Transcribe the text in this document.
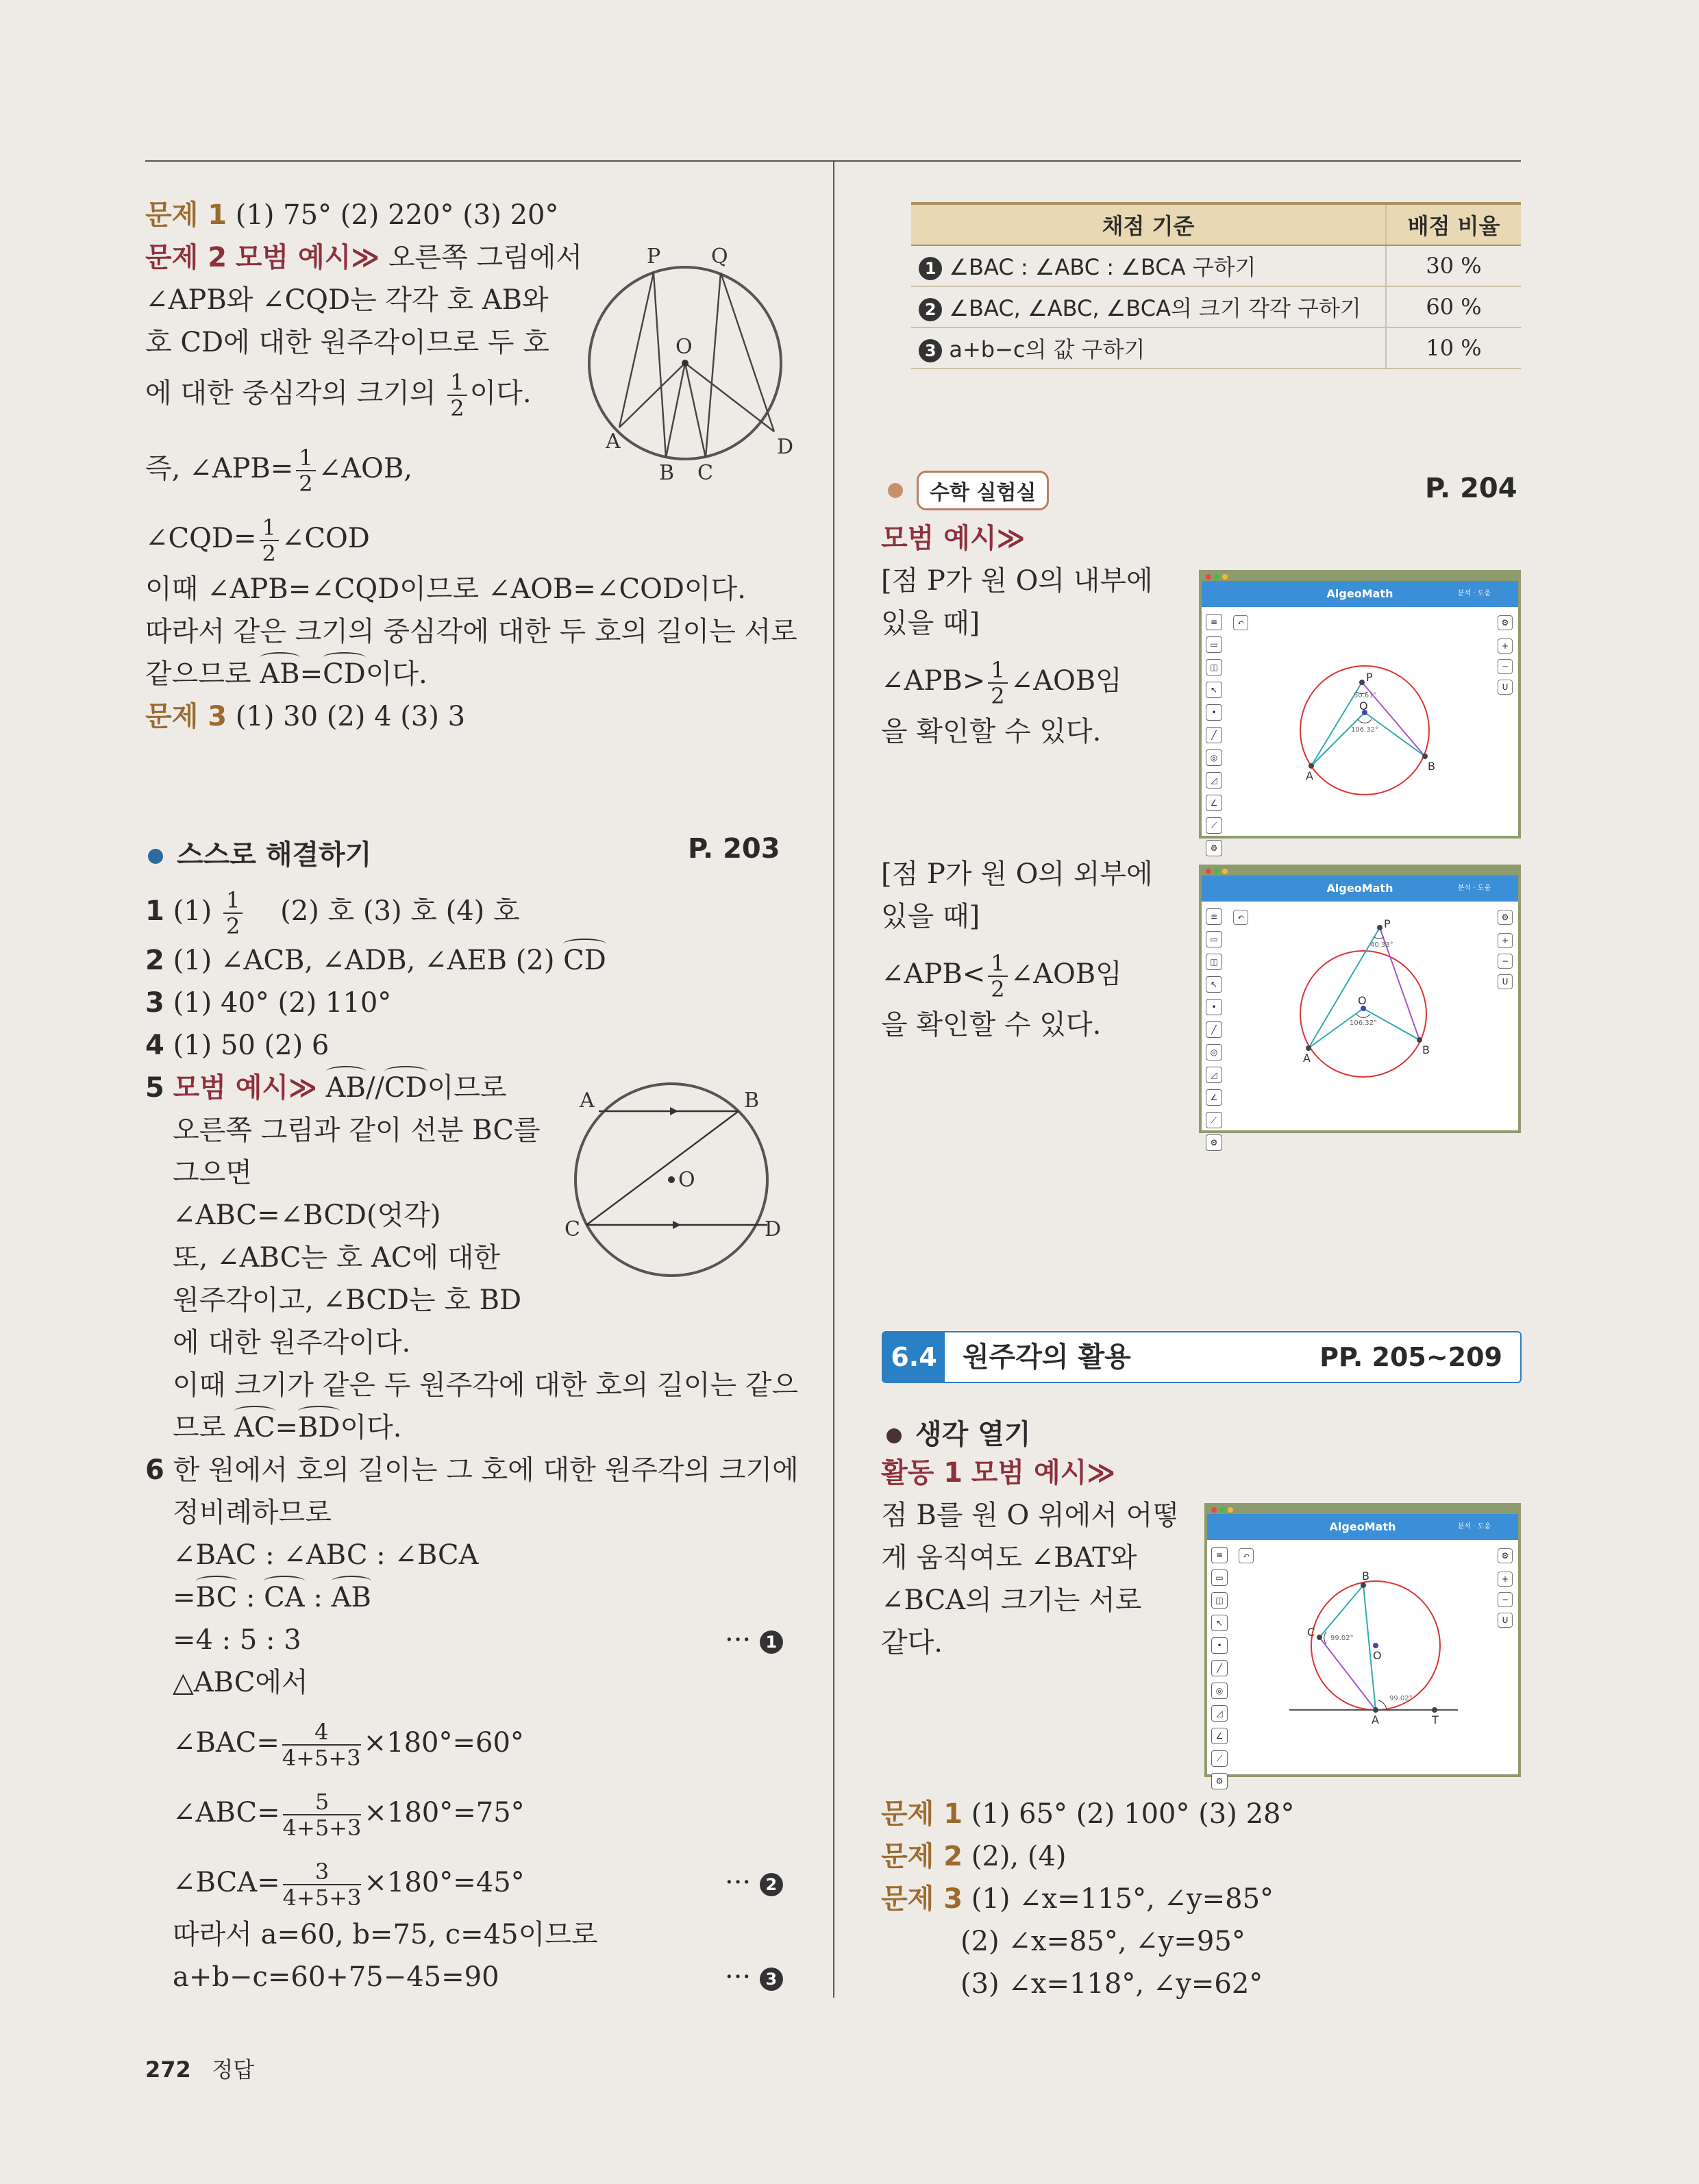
문제 1 (1) 75° (2) 220° (3) 20°
문제 2 모범 예시≫ 오른쪽 그림에서
∠APB와 ∠CQD는 각각 호 AB와
호 CD에 대한 원주각이므로 두 호
에 대한 중심각의 크기의 $\frac{1}{2}$ 이다.
즉, ∠APB= $\frac{1}{2}$ ∠AOB,
∠CQD= $\frac{1}{2}$ ∠COD
이때 ∠APB=∠CQD이므로 ∠AOB=∠COD이다.
따라서 같은 크기의 중심각에 대한 두 호의 길이는 서로
같으므로 AB=CD이다.
문제 3 (1) 30 (2) 4 (3) 3
P Q
O
A
B C
D
스스로 해결하기	P. 203
1 $(1) \frac{1}{2} (2)$ 호 (3) 호 (4) 호
2 (1) ∠ACB, ∠ADB, ∠AEB (2) CD
3 (1) 40° (2) 110°
4 (1) 50 (2) 6
5 모범 예시≫ AB//CD이므로
오른쪽 그림과 같이 선분 BC를
그으면
∠ABC=∠BCD(엇각)
또, ∠ABC는 호 AC에 대한
원주각이고, ∠BCD는 호 BD
에 대한 원주각이다.
이때 크기가 같은 두 원주각에 대한 호의 길이는 같으
므로 AC=BD이다.
A	B
C	D
O
6 한 원에서 호의 길이는 그 호에 대한 원주각의 크기에
정비례하므로
∠BAC : ∠ABC : ∠BCA
=BC : CA : AB
=4 : 5 : 3	··· 1
△ABC에서
∠BAC= $\frac{4}{4+5+3} \times 180^\circ=60^\circ$
∠ABC= $\frac{5}{4+5+3} \times 180^\circ=75^\circ$
∠BCA= $\frac{3}{4+5+3} \times 180^\circ=45^\circ$	··· 2
따라서 a=60, b=75, c=45이므로
a+b−c=60+75−45=90	··· 3
채점 기준	배점 비율
1 ∠BAC : ∠ABC : ∠BCA 구하기	30 %
2 ∠BAC, ∠ABC, ∠BCA의 크기 각각 구하기	60 %
3 a+b−c의 값 구하기	10 %
수학 실험실	P. 204
모범 예시≫
[점 P가 원 O의 내부에
있을 때]
∠APB> $\frac{1}{2}$ ∠AOB임
을 확인할 수 있다.
[점 P가 원 O의 외부에
있을 때]
∠APB< $\frac{1}{2}$ ∠AOB임
을 확인할 수 있다.
AlgeoMath	분석 · 도움
≡
▭
◫
↖
•
╱
◎
◿
∠
⟋
⚙
↶	⚙
+
−
U
P
O
A
B
50.61°
106.32°
AlgeoMath	분석 · 도움
≡
▭
◫
↖
•
╱
◎
◿
∠
⟋
⚙
↶	⚙
+
−
U
P
O
A
B
40.33°
106.32°
6.4 원주각의 활용	PP. 205~209
생각 열기
활동 1 모범 예시≫
점 B를 원 O 위에서 어떻
게 움직여도 ∠BAT와
∠BCA의 크기는 서로
같다.
AlgeoMath	분석 · 도움
≡
▭
◫
↖
•
╱
◎
◿
∠
⟋
⚙
↶	⚙
+
−
U
B
C
O
A	T
99.02°
99.02°
문제 1 (1) 65° (2) 100° (3) 28°
문제 2 (2), (4)
문제 3 (1) ∠x=115°, ∠y=85°
(2) ∠x=85°, ∠y=95°
(3) ∠x=118°, ∠y=62°
272 정답
